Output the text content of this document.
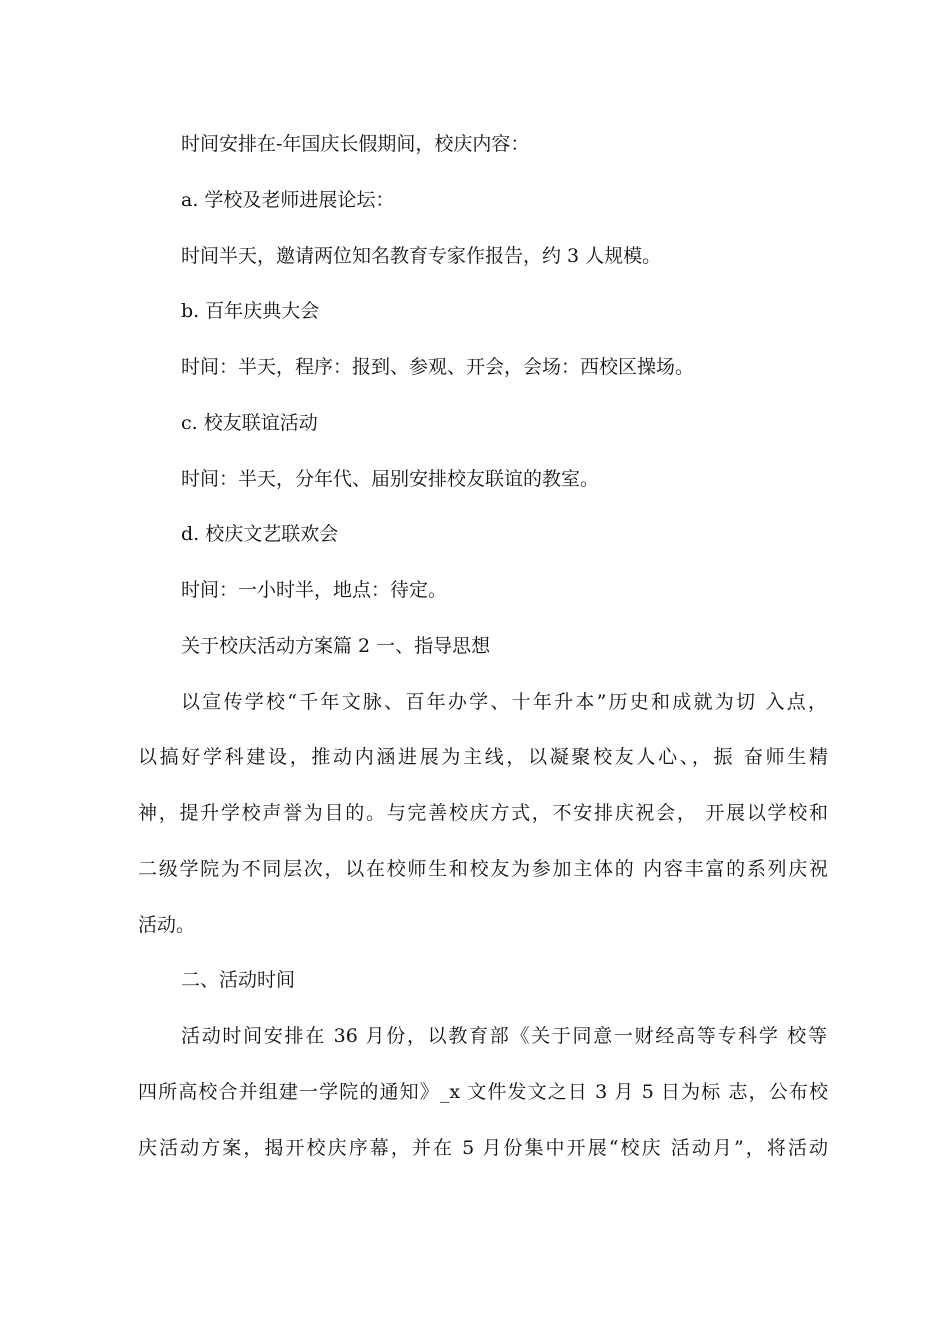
时间安排在-年国庆长假期间，校庆内容：
a. 学校及老师进展论坛：
时间半天，邀请两位知名教育专家作报告，约 3 人规模。
b. 百年庆典大会
时间：半天，程序：报到、参观、开会，会场：西校区操场。
c. 校友联谊活动
时间：半天，分年代、届别安排校友联谊的教室。
d. 校庆文艺联欢会
时间：一小时半，地点：待定。
关于校庆活动方案篇 2 一、指导思想
以宣传学校“千年文脉、百年办学、十年升本”历史和成就为切 入点，
以搞好学科建设，推动内涵进展为主线，以凝聚校友人心、，振 奋师生精
神，提升学校声誉为目的。与完善校庆方式，不安排庆祝会， 开展以学校和
二级学院为不同层次，以在校师生和校友为参加主体的 内容丰富的系列庆祝
活动。
二、活动时间
活动时间安排在 36 月份，以教育部《关于同意一财经高等专科学 校等
四所高校合并组建一学院的通知》_x 文件发文之日 3 月 5 日为标 志，公布校
庆活动方案，揭开校庆序幕，并在 5 月份集中开展“校庆 活动月”，将活动
